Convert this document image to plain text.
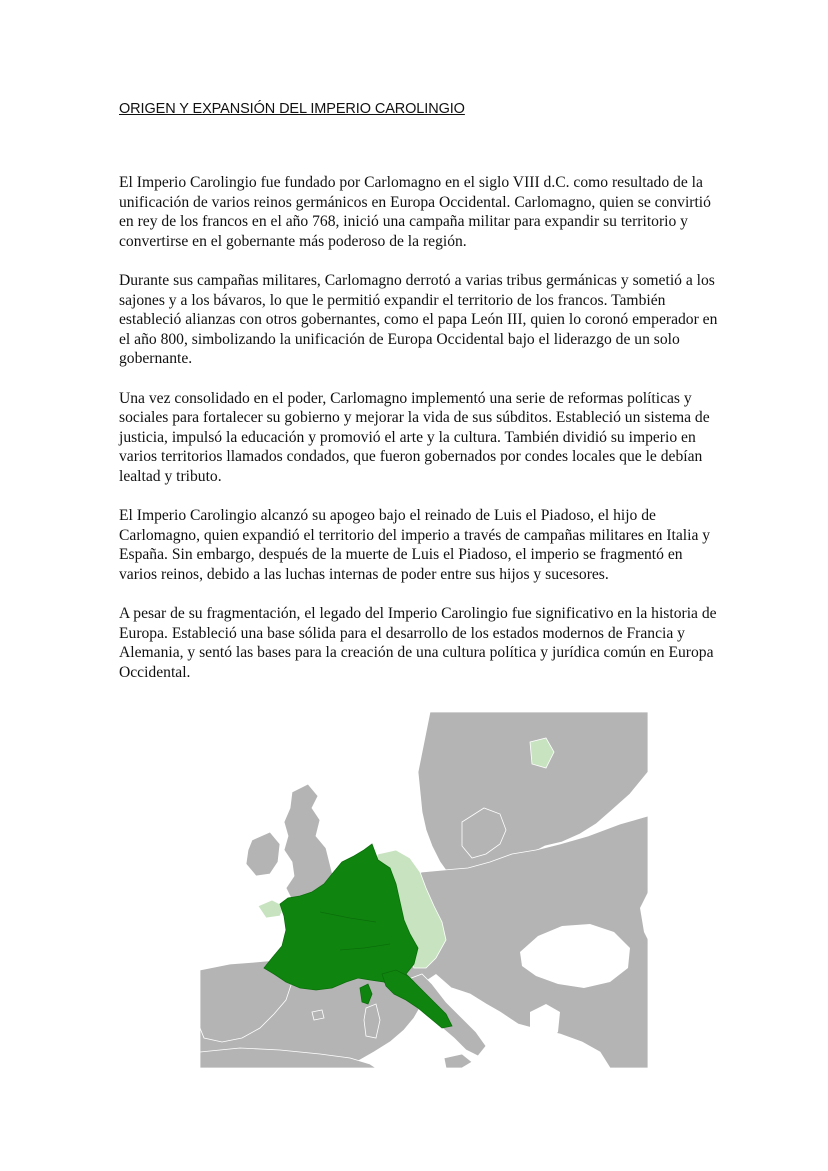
ORIGEN Y EXPANSIÓN DEL IMPERIO CAROLINGIO

El Imperio Carolingio fue fundado por Carlomagno en el siglo VIII d.C. como resultado de la unificación de varios reinos germánicos en Europa Occidental. Carlomagno, quien se convirtió en rey de los francos en el año 768, inició una campaña militar para expandir su territorio y convertirse en el gobernante más poderoso de la región.

Durante sus campañas militares, Carlomagno derrotó a varias tribus germánicas y sometió a los sajones y a los bávaros, lo que le permitió expandir el territorio de los francos. También estableció alianzas con otros gobernantes, como el papa León III, quien lo coronó emperador en el año 800, simbolizando la unificación de Europa Occidental bajo el liderazgo de un solo gobernante.

Una vez consolidado en el poder, Carlomagno implementó una serie de reformas políticas y sociales para fortalecer su gobierno y mejorar la vida de sus súbditos. Estableció un sistema de justicia, impulsó la educación y promovió el arte y la cultura. También dividió su imperio en varios territorios llamados condados, que fueron gobernados por condes locales que le debían lealtad y tributo.

El Imperio Carolingio alcanzó su apogeo bajo el reinado de Luis el Piadoso, el hijo de Carlomagno, quien expandió el territorio del imperio a través de campañas militares en Italia y España. Sin embargo, después de la muerte de Luis el Piadoso, el imperio se fragmentó en varios reinos, debido a las luchas internas de poder entre sus hijos y sucesores.

A pesar de su fragmentación, el legado del Imperio Carolingio fue significativo en la historia de Europa. Estableció una base sólida para el desarrollo de los estados modernos de Francia y Alemania, y sentó las bases para la creación de una cultura política y jurídica común en Europa Occidental.
